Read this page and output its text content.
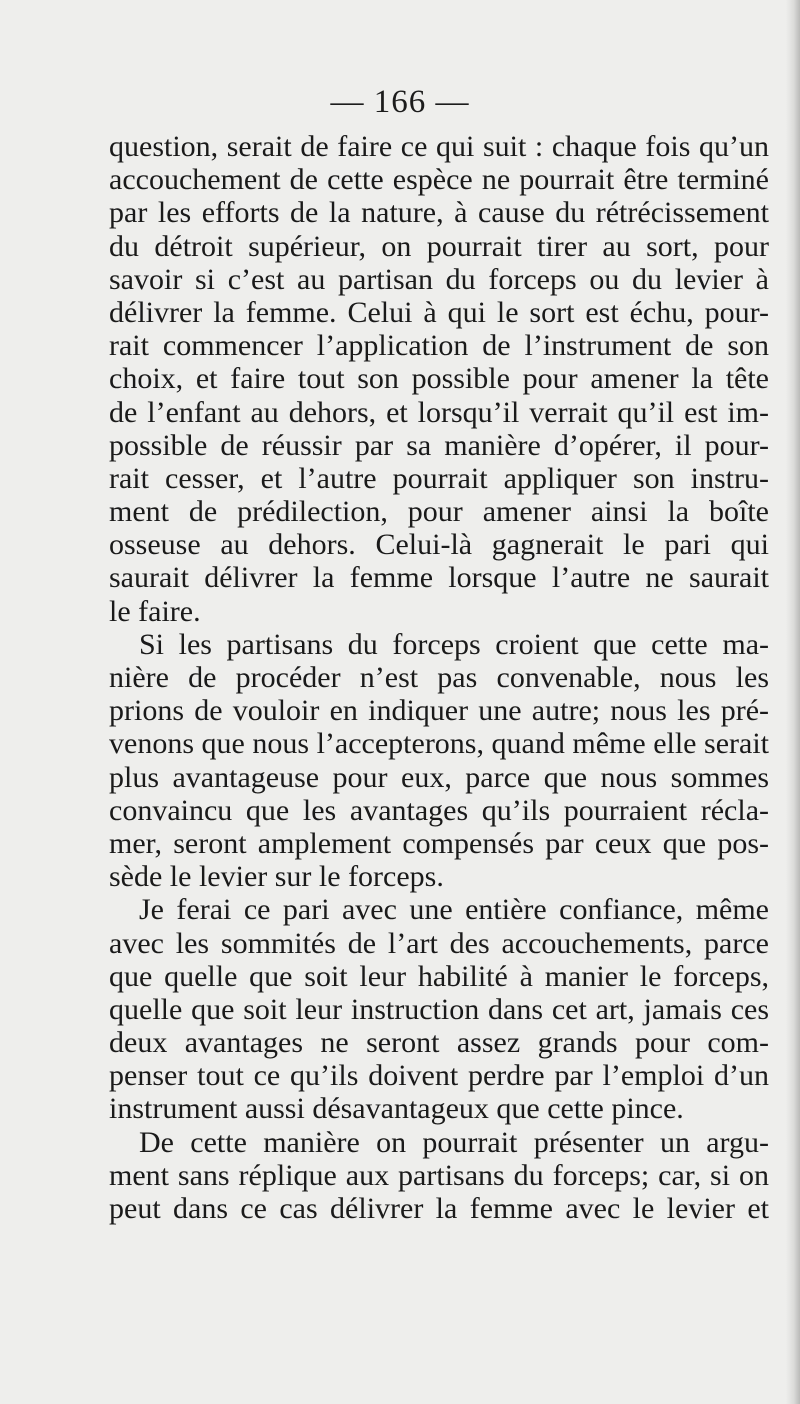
— 166 —
question, serait de faire ce qui suit : chaque fois qu’un
accouchement de cette espèce ne pourrait être terminé
par les efforts de la nature, à cause du rétrécissement
du détroit supérieur, on pourrait tirer au sort, pour
savoir si c’est au partisan du forceps ou du levier à
délivrer la femme. Celui à qui le sort est échu, pour-
rait commencer l’application de l’instrument de son
choix, et faire tout son possible pour amener la tête
de l’enfant au dehors, et lorsqu’il verrait qu’il est im-
possible de réussir par sa manière d’opérer, il pour-
rait cesser, et l’autre pourrait appliquer son instru-
ment de prédilection, pour amener ainsi la boîte
osseuse au dehors. Celui-là gagnerait le pari qui
saurait délivrer la femme lorsque l’autre ne saurait
le faire.
Si les partisans du forceps croient que cette ma-
nière de procéder n’est pas convenable, nous les
prions de vouloir en indiquer une autre; nous les pré-
venons que nous l’accepterons, quand même elle serait
plus avantageuse pour eux, parce que nous sommes
convaincu que les avantages qu’ils pourraient récla-
mer, seront amplement compensés par ceux que pos-
sède le levier sur le forceps.
Je ferai ce pari avec une entière confiance, même
avec les sommités de l’art des accouchements, parce
que quelle que soit leur habilité à manier le forceps,
quelle que soit leur instruction dans cet art, jamais ces
deux avantages ne seront assez grands pour com-
penser tout ce qu’ils doivent perdre par l’emploi d’un
instrument aussi désavantageux que cette pince.
De cette manière on pourrait présenter un argu-
ment sans réplique aux partisans du forceps; car, si on
peut dans ce cas délivrer la femme avec le levier et
